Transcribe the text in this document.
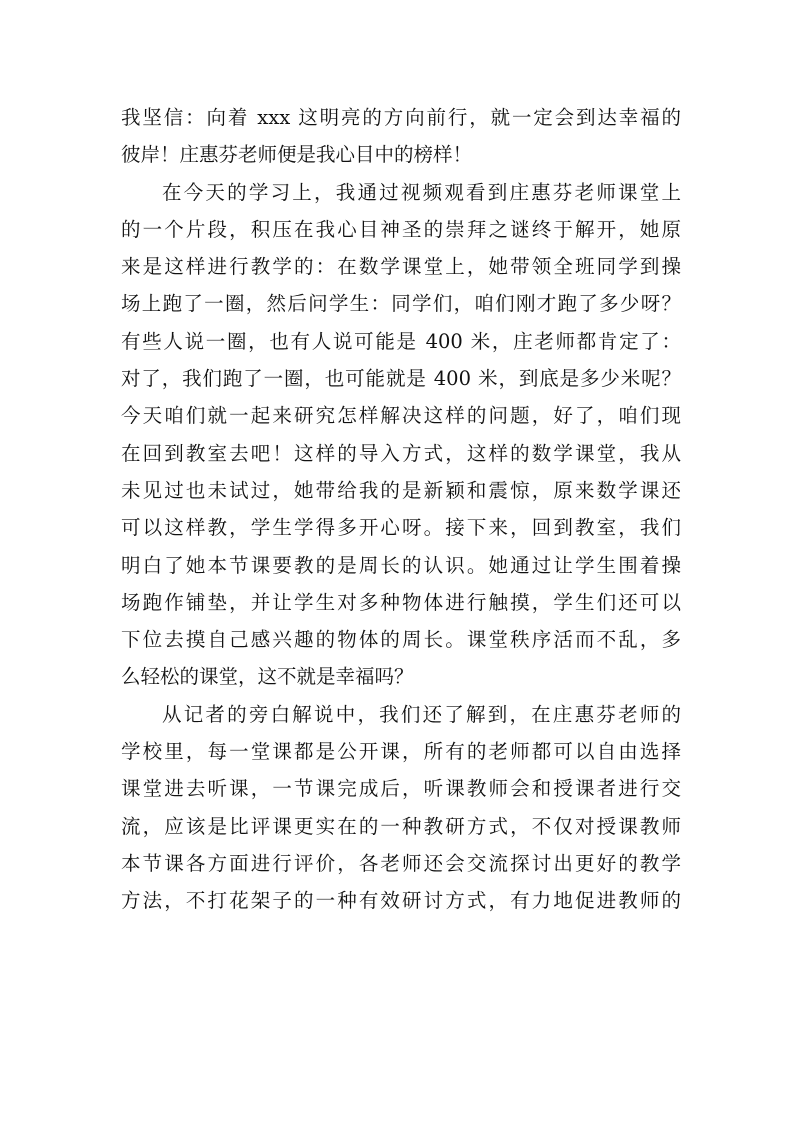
我坚信：向着 xxx 这明亮的方向前行，就一定会到达幸福的
彼岸！庄惠芬老师便是我心目中的榜样！
在今天的学习上，我通过视频观看到庄惠芬老师课堂上
的一个片段，积压在我心目神圣的崇拜之谜终于解开，她原
来是这样进行教学的：在数学课堂上，她带领全班同学到操
场上跑了一圈，然后问学生：同学们，咱们刚才跑了多少呀？
有些人说一圈，也有人说可能是 400 米，庄老师都肯定了：
对了，我们跑了一圈，也可能就是 400 米，到底是多少米呢？
今天咱们就一起来研究怎样解决这样的问题，好了，咱们现
在回到教室去吧！这样的导入方式，这样的数学课堂，我从
未见过也未试过，她带给我的是新颖和震惊，原来数学课还
可以这样教，学生学得多开心呀。接下来，回到教室，我们
明白了她本节课要教的是周长的认识。她通过让学生围着操
场跑作铺垫，并让学生对多种物体进行触摸，学生们还可以
下位去摸自己感兴趣的物体的周长。课堂秩序活而不乱，多
么轻松的课堂，这不就是幸福吗？
从记者的旁白解说中，我们还了解到，在庄惠芬老师的
学校里，每一堂课都是公开课，所有的老师都可以自由选择
课堂进去听课，一节课完成后，听课教师会和授课者进行交
流，应该是比评课更实在的一种教研方式，不仅对授课教师
本节课各方面进行评价，各老师还会交流探讨出更好的教学
方法，不打花架子的一种有效研讨方式，有力地促进教师的
